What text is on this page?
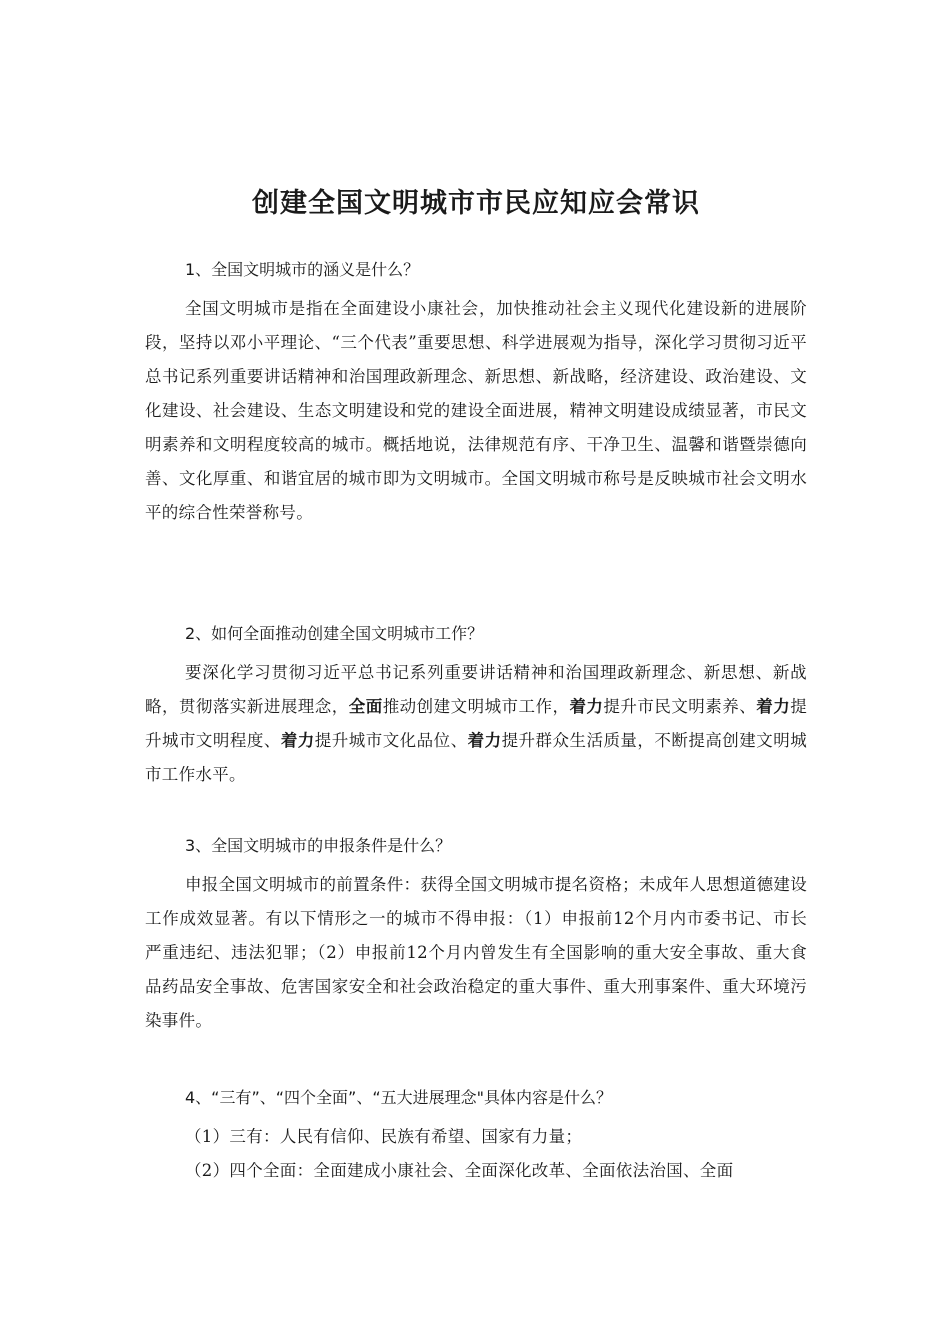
创建全国文明城市市民应知应会常识

1、全国文明城市的涵义是什么？

全国文明城市是指在全面建设小康社会，加快推动社会主义现代化建设新的进展阶段，坚持以邓小平理论、“三个代表”重要思想、科学进展观为指导，深化学习贯彻习近平总书记系列重要讲话精神和治国理政新理念、新思想、新战略，经济建设、政治建设、文化建设、社会建设、生态文明建设和党的建设全面进展，精神文明建设成绩显著，市民文明素养和文明程度较高的城市。概括地说，法律规范有序、干净卫生、温馨和谐暨崇德向善、文化厚重、和谐宜居的城市即为文明城市。全国文明城市称号是反映城市社会文明水平的综合性荣誉称号。

2、如何全面推动创建全国文明城市工作？

要深化学习贯彻习近平总书记系列重要讲话精神和治国理政新理念、新思想、新战略，贯彻落实新进展理念，全面推动创建文明城市工作，着力提升市民文明素养、着力提升城市文明程度、着力提升城市文化品位、着力提升群众生活质量，不断提高创建文明城市工作水平。

3、全国文明城市的申报条件是什么？

申报全国文明城市的前置条件：获得全国文明城市提名资格；未成年人思想道德建设工作成效显著。有以下情形之一的城市不得申报：（1）申报前12个月内市委书记、市长严重违纪、违法犯罪；（2）申报前12个月内曾发生有全国影响的重大安全事故、重大食品药品安全事故、危害国家安全和社会政治稳定的重大事件、重大刑事案件、重大环境污染事件。

4、“三有”、“四个全面”、“五大进展理念"具体内容是什么？

（1）三有：人民有信仰、民族有希望、国家有力量；

（2）四个全面：全面建成小康社会、全面深化改革、全面依法治国、全面
